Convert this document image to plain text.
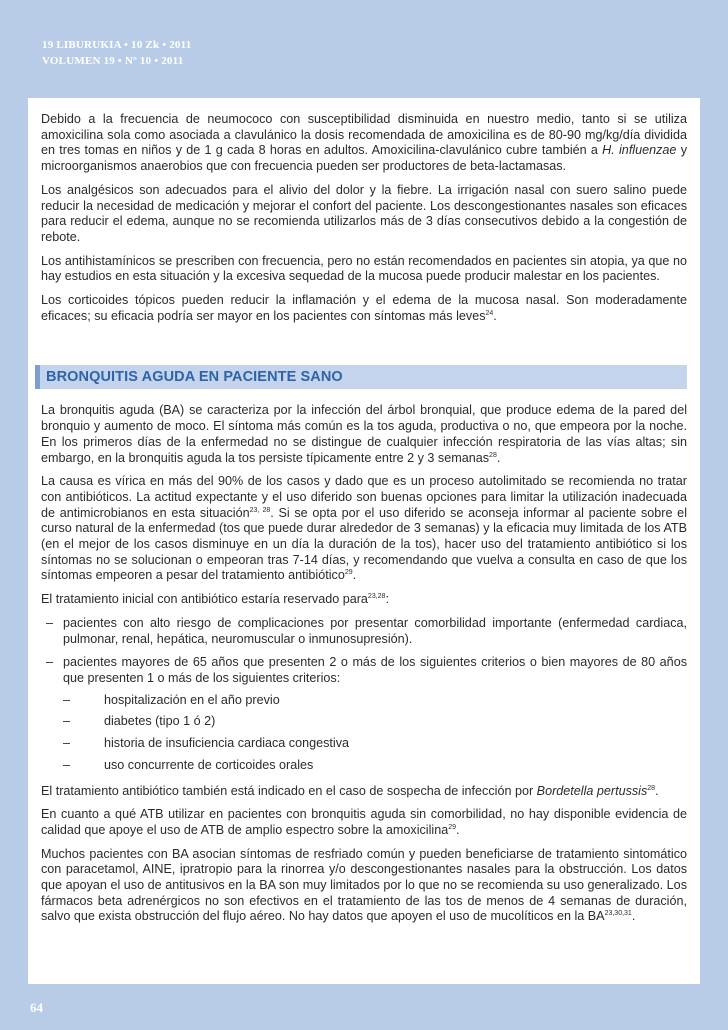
19 LIBURUKIA • 10 Zk • 2011
VOLUMEN 19 • Nº 10 • 2011

Debido a la frecuencia de neumococo con susceptibilidad disminuida en nuestro medio, tanto si se utiliza amoxicilina sola como asociada a clavulánico la dosis recomendada de amoxicilina es de 80-90 mg/kg/día dividida en tres tomas en niños y de 1 g cada 8 horas en adultos. Amoxicilina-clavulánico cubre también a H. influenzae y microorganismos anaerobios que con frecuencia pueden ser productores de beta-lactamasas.

Los analgésicos son adecuados para el alivio del dolor y la fiebre. La irrigación nasal con suero salino puede reducir la necesidad de medicación y mejorar el confort del paciente. Los descongestionantes nasales son eficaces para reducir el edema, aunque no se recomienda utilizarlos más de 3 días consecutivos debido a la congestión de rebote.

Los antihistamínicos se prescriben con frecuencia, pero no están recomendados en pacientes sin atopia, ya que no hay estudios en esta situación y la excesiva sequedad de la mucosa puede producir malestar en los pacientes.

Los corticoides tópicos pueden reducir la inflamación y el edema de la mucosa nasal. Son moderadamente eficaces; su eficacia podría ser mayor en los pacientes con síntomas más leves$^{24}$.

BRONQUITIS AGUDA EN PACIENTE SANO

La bronquitis aguda (BA) se caracteriza por la infección del árbol bronquial, que produce edema de la pared del bronquio y aumento de moco. El síntoma más común es la tos aguda, productiva o no, que empeora por la noche. En los primeros días de la enfermedad no se distingue de cualquier infección respiratoria de las vías altas; sin embargo, en la bronquitis aguda la tos persiste típicamente entre 2 y 3 semanas$^{28}$.

La causa es vírica en más del 90% de los casos y dado que es un proceso autolimitado se recomienda no tratar con antibióticos. La actitud expectante y el uso diferido son buenas opciones para limitar la utilización inadecuada de antimicrobianos en esta situación$^{23, 28}$. Si se opta por el uso diferido se aconseja informar al paciente sobre el curso natural de la enfermedad (tos que puede durar alrededor de 3 semanas) y la eficacia muy limitada de los ATB (en el mejor de los casos disminuye en un día la duración de la tos), hacer uso del tratamiento antibiótico si los síntomas no se solucionan o empeoran tras 7-14 días, y recomendando que vuelva a consulta en caso de que los síntomas empeoren a pesar del tratamiento antibiótico$^{29}$.

El tratamiento inicial con antibiótico estaría reservado para$^{23,28}$:

– pacientes con alto riesgo de complicaciones por presentar comorbilidad importante (enfermedad cardiaca, pulmonar, renal, hepática, neuromuscular o inmunosupresión).
– pacientes mayores de 65 años que presenten 2 o más de los siguientes criterios o bien mayores de 80 años que presenten 1 o más de los siguientes criterios:
– hospitalización en el año previo
– diabetes (tipo 1 ó 2)
– historia de insuficiencia cardiaca congestiva
– uso concurrente de corticoides orales

El tratamiento antibiótico también está indicado en el caso de sospecha de infección por Bordetella pertussis$^{28}$.

En cuanto a qué ATB utilizar en pacientes con bronquitis aguda sin comorbilidad, no hay disponible evidencia de calidad que apoye el uso de ATB de amplio espectro sobre la amoxicilina$^{29}$.

Muchos pacientes con BA asocian síntomas de resfriado común y pueden beneficiarse de tratamiento sintomático con paracetamol, AINE, ipratropio para la rinorrea y/o descongestionantes nasales para la obstrucción. Los datos que apoyan el uso de antitusivos en la BA son muy limitados por lo que no se recomienda su uso generalizado. Los fármacos beta adrenérgicos no son efectivos en el tratamiento de las tos de menos de 4 semanas de duración, salvo que exista obstrucción del flujo aéreo. No hay datos que apoyen el uso de mucolíticos en la BA$^{23,30,31}$.

64
